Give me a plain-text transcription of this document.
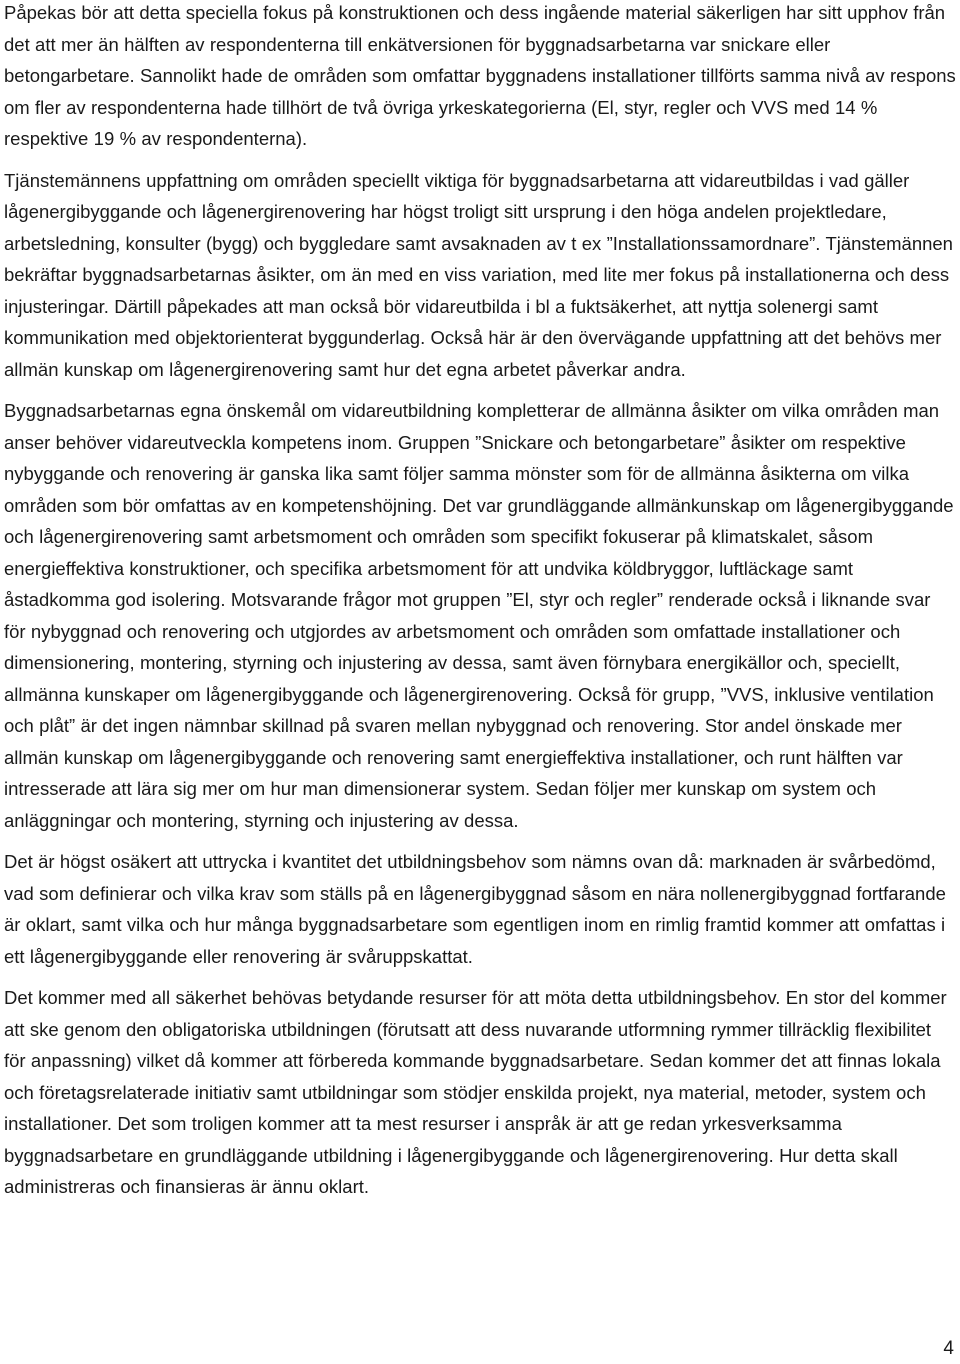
Påpekas bör att detta speciella fokus på konstruktionen och dess ingående material säkerligen har sitt upphov från det att mer än hälften av respondenterna till enkätversionen för byggnadsarbetarna var snickare eller betongarbetare. Sannolikt hade de områden som omfattar byggnadens installationer tillförts samma nivå av respons om fler av respondenterna hade tillhört de två övriga yrkeskategorierna (El, styr, regler och VVS med 14 % respektive 19 % av respondenterna).

Tjänstemännens uppfattning om områden speciellt viktiga för byggnadsarbetarna att vidareutbildas i vad gäller lågenergibyggande och lågenergirenovering har högst troligt sitt ursprung i den höga andelen projektledare, arbetsledning, konsulter (bygg) och byggledare samt avsaknaden av t ex ”Installationssamordnare”. Tjänstemännen bekräftar byggnadsarbetarnas åsikter, om än med en viss variation, med lite mer fokus på installationerna och dess injusteringar. Därtill påpekades att man också bör vidareutbilda i bl a fuktsäkerhet, att nyttja solenergi samt kommunikation med objektorienterat byggunderlag. Också här är den övervägande uppfattning att det behövs mer allmän kunskap om lågenergirenovering samt hur det egna arbetet påverkar andra.

Byggnadsarbetarnas egna önskemål om vidareutbildning kompletterar de allmänna åsikter om vilka områden man anser behöver vidareutveckla kompetens inom. Gruppen ”Snickare och betongarbetare” åsikter om respektive nybyggande och renovering är ganska lika samt följer samma mönster som för de allmänna åsikterna om vilka områden som bör omfattas av en kompetenshöjning. Det var grundläggande allmänkunskap om lågenergibyggande och lågenergirenovering samt arbetsmoment och områden som specifikt fokuserar på klimatskalet, såsom energieffektiva konstruktioner, och specifika arbetsmoment för att undvika köldbryggor, luftläckage samt åstadkomma god isolering. Motsvarande frågor mot gruppen ”El, styr och regler” renderade också i liknande svar för nybyggnad och renovering och utgjordes av arbetsmoment och områden som omfattade installationer och dimensionering, montering, styrning och injustering av dessa, samt även förnybara energikällor och, speciellt, allmänna kunskaper om lågenergibyggande och lågenergirenovering. Också för grupp, ”VVS, inklusive ventilation och plåt” är det ingen nämnbar skillnad på svaren mellan nybyggnad och renovering. Stor andel önskade mer allmän kunskap om lågenergibyggande och renovering samt energieffektiva installationer, och runt hälften var intresserade att lära sig mer om hur man dimensionerar system. Sedan följer mer kunskap om system och anläggningar och montering, styrning och injustering av dessa.

Det är högst osäkert att uttrycka i kvantitet det utbildningsbehov som nämns ovan då: marknaden är svårbedömd, vad som definierar och vilka krav som ställs på en lågenergibyggnad såsom en nära nollenergibyggnad fortfarande är oklart, samt vilka och hur många byggnadsarbetare som egentligen inom en rimlig framtid kommer att omfattas i ett lågenergibyggande eller renovering är svåruppskattat.

Det kommer med all säkerhet behövas betydande resurser för att möta detta utbildningsbehov. En stor del kommer att ske genom den obligatoriska utbildningen (förutsatt att dess nuvarande utformning rymmer tillräcklig flexibilitet för anpassning) vilket då kommer att förbereda kommande byggnadsarbetare. Sedan kommer det att finnas lokala och företagsrelaterade initiativ samt utbildningar som stödjer enskilda projekt, nya material, metoder, system och installationer. Det som troligen kommer att ta mest resurser i anspråk är att ge redan yrkesverksamma byggnadsarbetare en grundläggande utbildning i lågenergibyggande och lågenergirenovering. Hur detta skall administreras och finansieras är ännu oklart.

4
